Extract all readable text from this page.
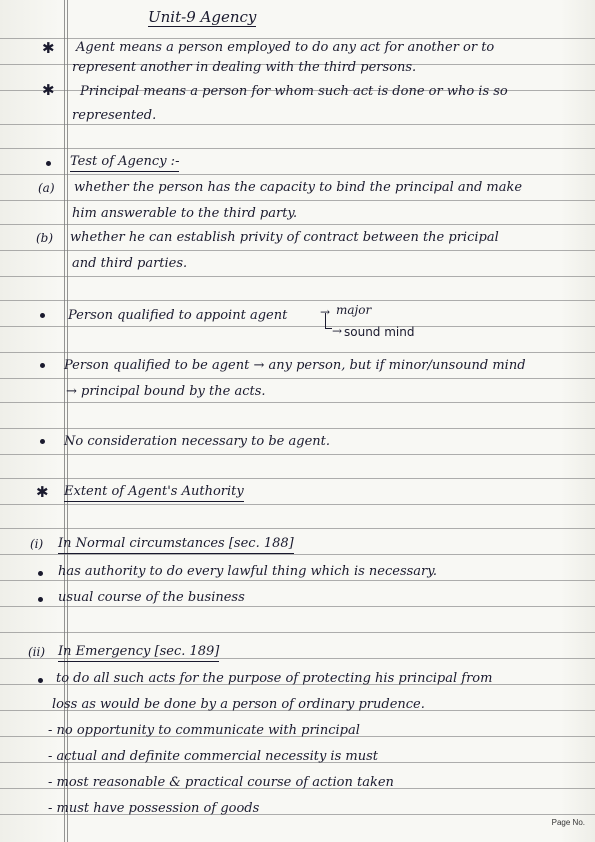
Unit-9 Agency
✱ Agent means a person employed to do any act for another or to
represent another in dealing with the third persons.
✱ Principal means a person for whom such act is done or who is so
represented.
Test of Agency :-
(a) whether the person has the capacity to bind the principal and make
him answerable to the third party.
(b) whether he can establish privity of contract between the pricipal
and third parties.
Person qualified to appoint agent	→ major
→ sound mind
Person qualified to be agent → any person, but if minor/unsound mind
→ principal bound by the acts.
No consideration necessary to be agent.
✱ Extent of Agent's Authority
(i) In Normal circumstances [sec. 188]
has authority to do every lawful thing which is necessary.
usual course of the business
(ii) In Emergency [sec. 189]
to do all such acts for the purpose of protecting his principal from
loss as would be done by a person of ordinary prudence.
- no opportunity to communicate with principal
- actual and definite commercial necessity is must
- most reasonable & practical course of action taken
- must have possession of goods
Page No.
